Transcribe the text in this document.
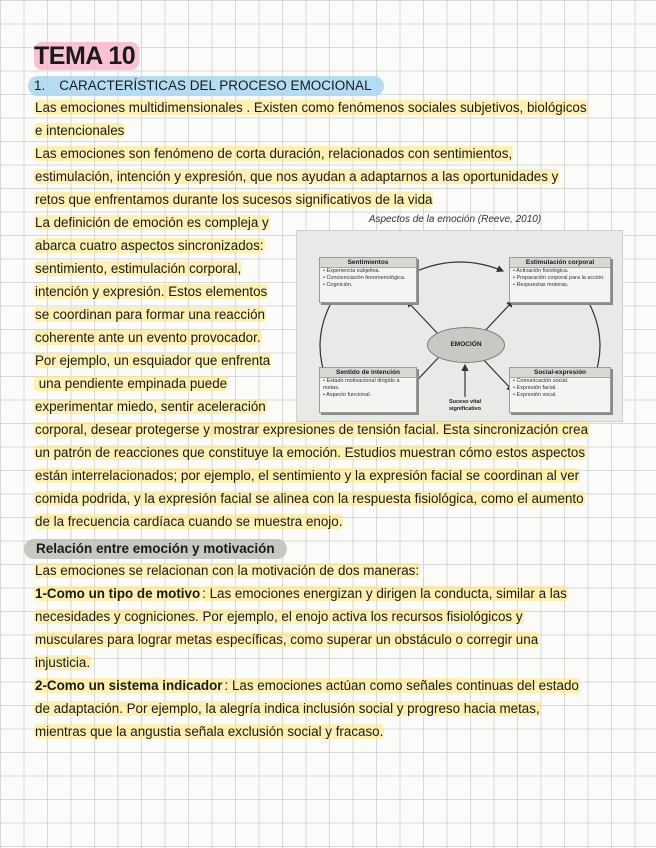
TEMA 10
1. CARACTERÍSTICAS DEL PROCESO EMOCIONAL

Las emociones multidimensionales . Existen como fenómenos sociales subjetivos, biológicos

e intencionales

Las emociones son fenómeno de corta duración, relacionados con sentimientos,

estimulación, intención y expresión, que nos ayudan a adaptarnos a las oportunidades y

retos que enfrentamos durante los sucesos significativos de la vida

La definición de emoción es compleja y

abarca cuatro aspectos sincronizados:

sentimiento, estimulación corporal,

intención y expresión. Estos elementos

se coordinan para formar una reacción

coherente ante un evento provocador.

Por ejemplo, un esquiador que enfrenta

una pendiente empinada puede

experimentar miedo, sentir aceleración

corporal, desear protegerse y mostrar expresiones de tensión facial. Esta sincronización crea

un patrón de reacciones que constituye la emoción. Estudios muestran cómo estos aspectos

están interrelacionados; por ejemplo, el sentimiento y la expresión facial se coordinan al ver

comida podrida, y la expresión facial se alinea con la respuesta fisiológica, como el aumento

de la frecuencia cardíaca cuando se muestra enojo.

Aspectos de la emoción (Reeve, 2010)
Sentimientos
• Experiencia subjetiva.
• Concienciación fenomenológica.
• Cognición.
Estimulación corporal
• Activación fisiológica.
• Preparación corporal para la acción.
• Respuestas motoras.
Sentido de intención
• Estado motivacional dirigido a
metas.
• Aspecto funcional.
Social-expresión
• Comunicación social.
• Expresión facial.
• Expresión vocal.
EMOCIÓN
Suceso vital significativo
Relación entre emoción y motivación

Las emociones se relacionan con la motivación de dos maneras:

1-Como un tipo de motivo : Las emociones energizan y dirigen la conducta, similar a las

necesidades y cogniciones. Por ejemplo, el enojo activa los recursos fisiológicos y

musculares para lograr metas específicas, como superar un obstáculo o corregir una

injusticia.

2-Como un sistema indicador : Las emociones actúan como señales continuas del estado

de adaptación. Por ejemplo, la alegría indica inclusión social y progreso hacia metas,

mientras que la angustia señala exclusión social y fracaso.
